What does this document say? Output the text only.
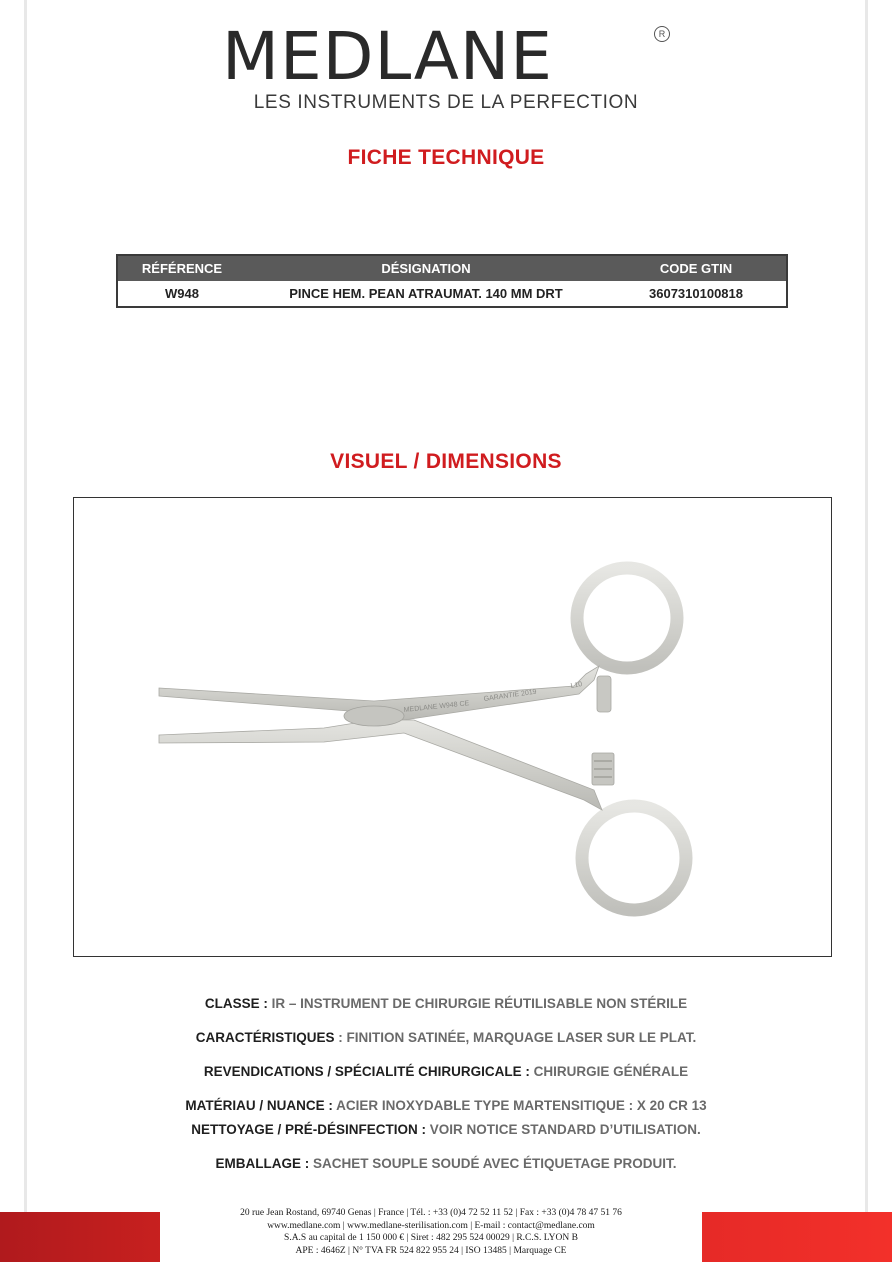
MEDLANE	R
LES INSTRUMENTS DE LA PERFECTION
FICHE TECHNIQUE
RÉFÉRENCE	DÉSIGNATION	CODE GTIN
W948	PINCE HEM. PEAN ATRAUMAT. 140 MM DRT	3607310100818
VISUEL / DIMENSIONS
MEDLANE W948 CE
GARANTIE 2019
L10
CLASSE : IR – INSTRUMENT DE CHIRURGIE RÉUTILISABLE NON STÉRILE
CARACTÉRISTIQUES : FINITION SATINÉE, MARQUAGE LASER SUR LE PLAT.
REVENDICATIONS / SPÉCIALITÉ CHIRURGICALE : CHIRURGIE GÉNÉRALE
MATÉRIAU / NUANCE : ACIER INOXYDABLE TYPE MARTENSITIQUE : X 20 CR 13
NETTOYAGE / PRÉ-DÉSINFECTION : VOIR NOTICE STANDARD D’UTILISATION.
EMBALLAGE : SACHET SOUPLE SOUDÉ AVEC ÉTIQUETAGE PRODUIT.
20 rue Jean Rostand, 69740 Genas | France | Tél. : +33 (0)4 72 52 11 52 | Fax : +33 (0)4 78 47 51 76
www.medlane.com | www.medlane-sterilisation.com | E-mail : contact@medlane.com
S.A.S au capital de 1 150 000 € | Siret : 482 295 524 00029 | R.C.S. LYON B
APE : 4646Z | N° TVA FR 524 822 955 24 | ISO 13485 | Marquage CE
